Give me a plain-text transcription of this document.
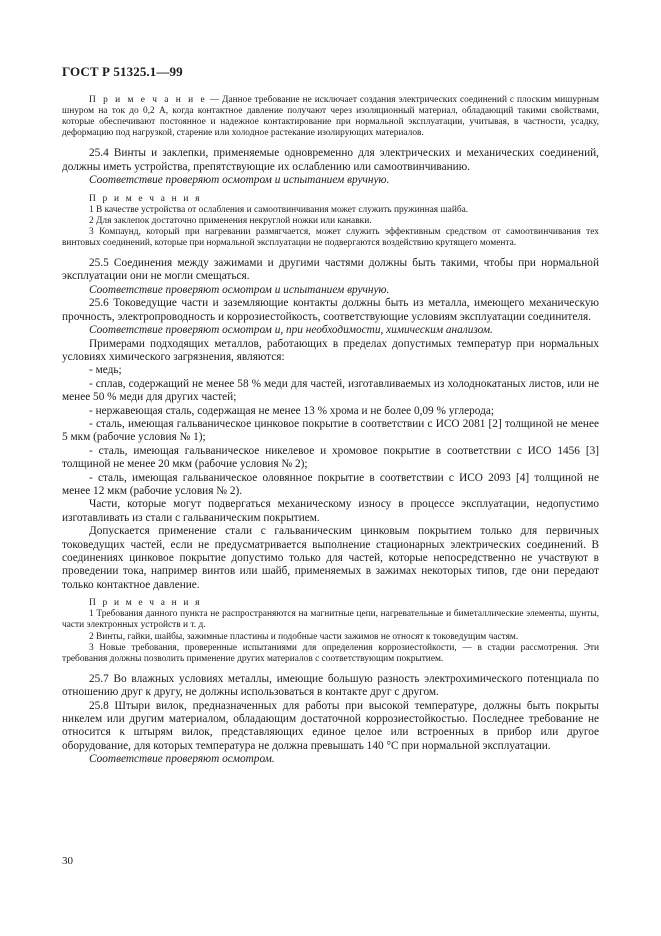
ГОСТ Р 51325.1—99

П р и м е ч а н и е — Данное требование не исключает создания электрических соединений с плоским мишурным шнуром на ток до 0,2 А, когда контактное давление получают через изоляционный материал, обладающий такими свойствами, которые обеспечивают постоянное и надежное контактирование при нормальной эксплуатации, учитывая, в частности, усадку, деформацию под нагрузкой, старение или холодное растекание изолирующих материалов.

25.4 Винты и заклепки, применяемые одновременно для электрических и механических соединений, должны иметь устройства, препятствующие их ослаблению или самоотвинчиванию.

Соответствие проверяют осмотром и испытанием вручную.

П р и м е ч а н и я

1 В качестве устройства от ослабления и самоотвинчивания может служить пружинная шайба.

2 Для заклепок достаточно применения некруглой ножки или канавки.

3 Компаунд, который при нагревании размягчается, может служить эффективным средством от самоотвинчивания тех винтовых соединений, которые при нормальной эксплуатации не подвергаются воздействию крутящего момента.

25.5 Соединения между зажимами и другими частями должны быть такими, чтобы при нормальной эксплуатации они не могли смещаться.

Соответствие проверяют осмотром и испытанием вручную.

25.6 Токоведущие части и заземляющие контакты должны быть из металла, имеющего механическую прочность, электропроводность и коррозиестойкость, соответствующие условиям эксплуатации соединителя.

Соответствие проверяют осмотром и, при необходимости, химическим анализом.

Примерами подходящих металлов, работающих в пределах допустимых температур при нормальных условиях химического загрязнения, являются:

- медь;

- сплав, содержащий не менее 58 % меди для частей, изготавливаемых из холоднокатаных листов, или не менее 50 % меди для других частей;

- нержавеющая сталь, содержащая не менее 13 % хрома и не более 0,09 % углерода;

- сталь, имеющая гальваническое цинковое покрытие в соответствии с ИСО 2081 [2] толщиной не менее 5 мкм (рабочие условия № 1);

- сталь, имеющая гальваническое никелевое и хромовое покрытие в соответствии с ИСО 1456 [3] толщиной не менее 20 мкм (рабочие условия № 2);

- сталь, имеющая гальваническое оловянное покрытие в соответствии с ИСО 2093 [4] толщиной не менее 12 мкм (рабочие условия № 2).

Части, которые могут подвергаться механическому износу в процессе эксплуатации, недопустимо изготавливать из стали с гальваническим покрытием.

Допускается применение стали с гальваническим цинковым покрытием только для первичных токоведущих частей, если не предусматривается выполнение стационарных электрических соединений. В соединениях цинковое покрытие допустимо только для частей, которые непосредственно не участвуют в проведении тока, например винтов или шайб, применяемых в зажимах некоторых типов, где они передают только контактное давление.

П р и м е ч а н и я

1 Требования данного пункта не распространяются на магнитные цепи, нагревательные и биметаллические элементы, шунты, части электронных устройств и т. д.

2 Винты, гайки, шайбы, зажимные пластины и подобные части зажимов не относят к токоведущим частям.

3 Новые требования, проверенные испытаниями для определения коррозиестойкости, — в стадии рассмотрения. Эти требования должны позволить применение других материалов с соответствующим покрытием.

25.7 Во влажных условиях металлы, имеющие большую разность электрохимического потенциала по отношению друг к другу, не должны использоваться в контакте друг с другом.

25.8 Штыри вилок, предназначенных для работы при высокой температуре, должны быть покрыты никелем или другим материалом, обладающим достаточной коррозиестойкостью. Последнее требование не относится к штырям вилок, представляющих единое целое или встроенных в прибор или другое оборудование, для которых температура не должна превышать 140 °С при нормальной эксплуатации.

Соответствие проверяют осмотром.

30
